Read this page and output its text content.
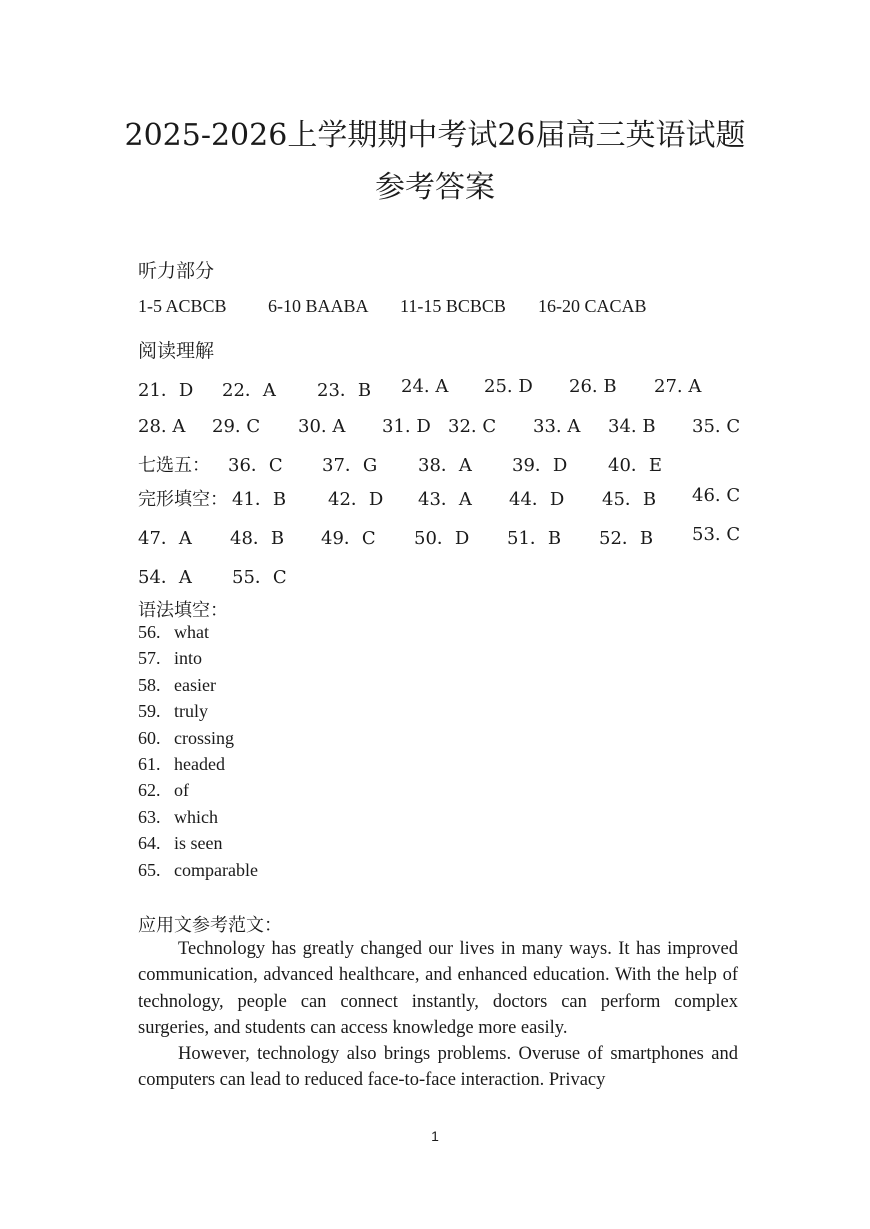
2025-2026上学期期中考试26届高三英语试题
参考答案
听力部分
1-5 ACBCB 6-10 BAABA 11-15 BCBCB 16-20 CACAB
阅读理解
21．D 22．A 23．B 24. A 25. D 26. B 27. A
28. A 29. C 30. A 31. D 32. C 33. A 34. B 35. C
七选五： 36．C 37．G 38．A 39．D 40．E
完形填空： 41．B 42．D 43．A 44．D 45．B 46. C
47．A 48．B 49．C 50．D 51．B 52．B 53. C
54．A 55．C
语法填空：
56. what
57. into
58. easier
59. truly
60. crossing
61. headed
62. of
63. which
64. is seen
65. comparable
应用文参考范文：

Technology has greatly changed our lives in many ways. It has improved communication, advanced healthcare, and enhanced education. With the help of technology, people can connect instantly, doctors can perform complex surgeries, and students can access knowledge more easily.

However, technology also brings problems. Overuse of smartphones and computers can lead to reduced face-to-face interaction. Privacy

1
